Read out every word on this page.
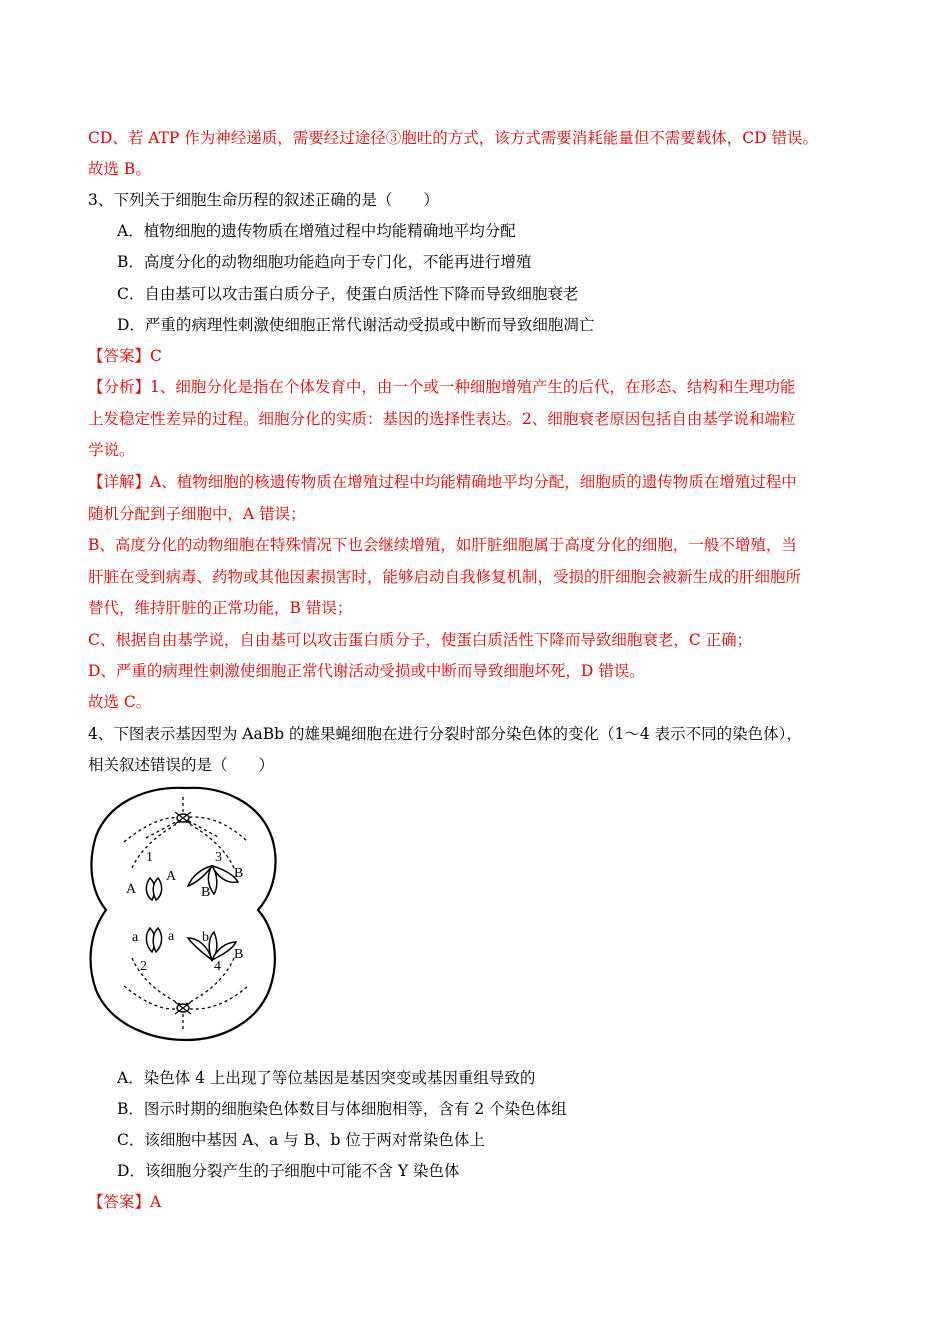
CD、若 ATP 作为神经递质，需要经过途径③胞吐的方式，该方式需要消耗能量但不需要载体，CD 错误。
故选 B。
3、下列关于细胞生命历程的叙述正确的是（　　）
A．植物细胞的遗传物质在增殖过程中均能精确地平均分配
B．高度分化的动物细胞功能趋向于专门化，不能再进行增殖
C．自由基可以攻击蛋白质分子，使蛋白质活性下降而导致细胞衰老
D．严重的病理性刺激使细胞正常代谢活动受损或中断而导致细胞凋亡
【答案】C
【分析】1、细胞分化是指在个体发育中，由一个或一种细胞增殖产生的后代，在形态、结构和生理功能
上发稳定性差异的过程。细胞分化的实质：基因的选择性表达。2、细胞衰老原因包括自由基学说和端粒
学说。
【详解】A、植物细胞的核遗传物质在增殖过程中均能精确地平均分配，细胞质的遗传物质在增殖过程中
随机分配到子细胞中，A 错误；
B、高度分化的动物细胞在特殊情况下也会继续增殖，如肝脏细胞属于高度分化的细胞，一般不增殖，当
肝脏在受到病毒、药物或其他因素损害时，能够启动自我修复机制，受损的肝细胞会被新生成的肝细胞所
替代，维持肝脏的正常功能，B 错误；
C、根据自由基学说，自由基可以攻击蛋白质分子，使蛋白质活性下降而导致细胞衰老，C 正确；
D、严重的病理性刺激使细胞正常代谢活动受损或中断而导致细胞坏死，D 错误。
故选 C。
4、下图表示基因型为 AaBb 的雄果蝇细胞在进行分裂时部分染色体的变化（1～4 表示不同的染色体），
相关叙述错误的是（　　）
1
A
A
3
B
B
a a b
2	4
B
A．染色体 4 上出现了等位基因是基因突变或基因重组导致的
B．图示时期的细胞染色体数目与体细胞相等，含有 2 个染色体组
C．该细胞中基因 A、a 与 B、b 位于两对常染色体上
D．该细胞分裂产生的子细胞中可能不含 Y 染色体
【答案】A
